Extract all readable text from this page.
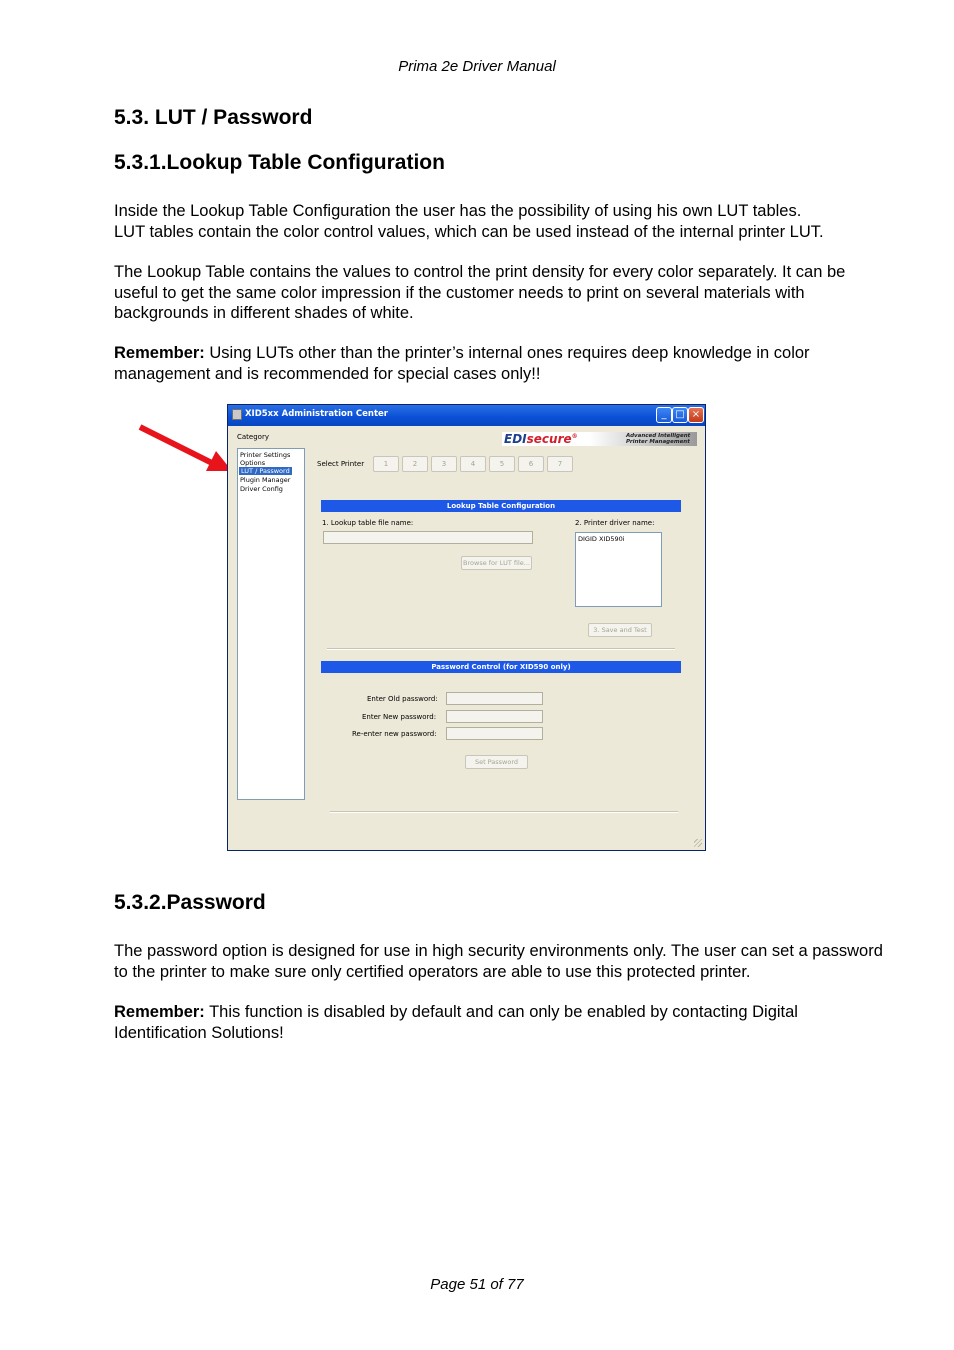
Prima 2e Driver Manual
5.3. LUT / Password
5.3.1.Lookup Table Configuration
Inside the Lookup Table Configuration the user has the possibility of using his own LUT tables.
LUT tables contain the color control values, which can be used instead of the internal printer LUT.
The Lookup Table contains the values to control the print density for every color separately. It can be useful to get the same color impression if the customer needs to print on several materials with backgrounds in different shades of white.
Remember: Using LUTs other than the printer’s internal ones requires deep knowledge in color management and is recommended for special cases only!!
XID5xx Administration Center	_ □ ×
Category
Printer Settings
Options
LUT / Password
Plugin Manager
Driver Config
EDIsecure®	Advanced Intelligent
Printer Management
Select Printer	1	2	3	4	5	6	7
Lookup Table Configuration
1. Lookup table file name:
Browse for LUT file...
2. Printer driver name:
DIGID XID590i
3. Save and Test
Password Control (for XID590 only)
Enter Old password:
Enter New password:
Re-enter new password:
Set Password
5.3.2.Password
The password option is designed for use in high security environments only. The user can set a password to the printer to make sure only certified operators are able to use this protected printer.
Remember: This function is disabled by default and can only be enabled by contacting Digital Identification Solutions!
Page 51 of 77
